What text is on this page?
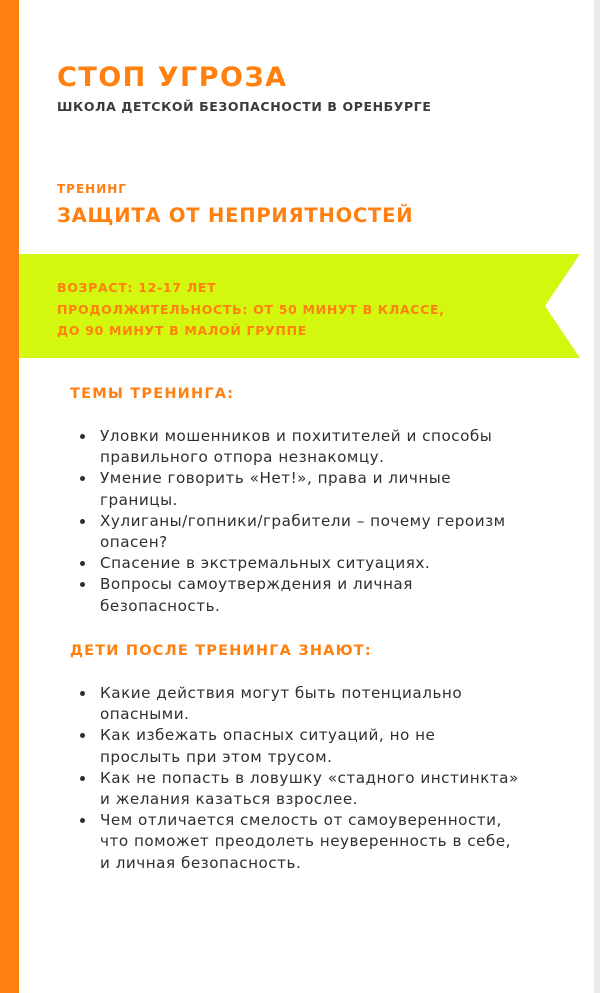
СТОП УГРОЗА
ШКОЛА ДЕТСКОЙ БЕЗОПАСНОСТИ В ОРЕНБУРГЕ
ТРЕНИНГ
ЗАЩИТА ОТ НЕПРИЯТНОСТЕЙ
ВОЗРАСТ: 12-17 ЛЕТ
ПРОДОЛЖИТЕЛЬНОСТЬ: ОТ 50 МИНУТ В КЛАССЕ,
ДО 90 МИНУТ В МАЛОЙ ГРУППЕ
ТЕМЫ ТРЕНИНГА:
Уловки мошенников и похитителей и способы
правильного отпора незнакомцу.
Умение говорить «Нет!», права и личные
границы.
Хулиганы/гопники/грабители – почему героизм
опасен?
Спасение в экстремальных ситуациях.
Вопросы самоутверждения и личная
безопасность.
ДЕТИ ПОСЛЕ ТРЕНИНГА ЗНАЮТ:
Какие действия могут быть потенциально
опасными.
Как избежать опасных ситуаций, но не
прослыть при этом трусом.
Как не попасть в ловушку «стадного инстинкта»
и желания казаться взрослее.
Чем отличается смелость от самоуверенности,
что поможет преодолеть неуверенность в себе,
и личная безопасность.
